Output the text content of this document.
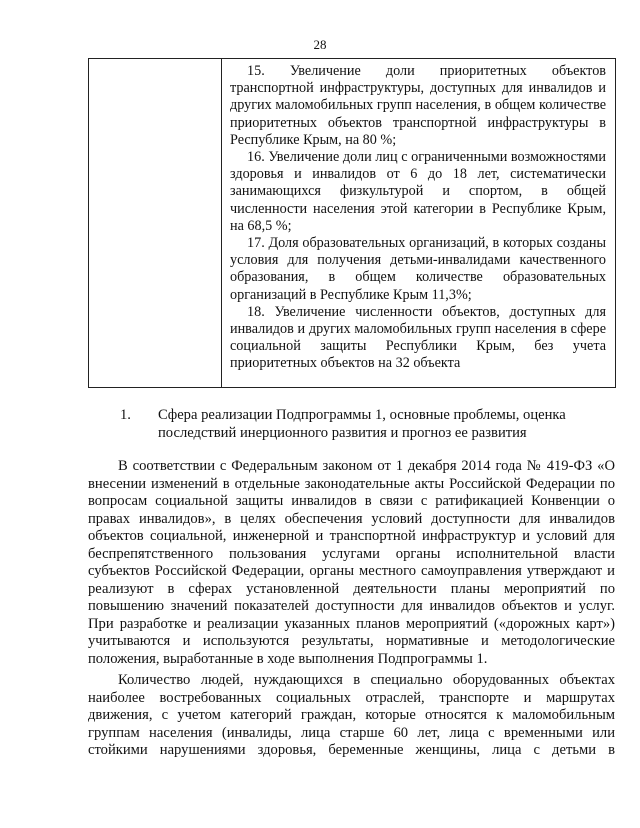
28

15. Увеличение доли приоритетных объектов транспортной инфраструктуры, доступных для инвалидов и других маломобильных групп населения, в общем количестве приоритетных объектов транспортной инфраструктуры в Республике Крым, на 80 %;

16. Увеличение доли лиц с ограниченными возможностями здоровья и инвалидов от 6 до 18 лет, систематически занимающихся физкультурой и спортом, в общей численности населения этой категории в Республике Крым, на 68,5 %;

17. Доля образовательных организаций, в которых созданы условия для получения детьми-инвалидами качественного образования, в общем количестве образовательных организаций в Республике Крым 11,3%;

18. Увеличение численности объектов, доступных для инвалидов и других маломобильных групп населения в сфере социальной защиты Республики Крым, без учета приоритетных объектов на 32 объекта

1. Сфера реализации Подпрограммы 1, основные проблемы, оценка последствий инерционного развития и прогноз ее развития

В соответствии с Федеральным законом от 1 декабря 2014 года № 419-ФЗ «О внесении изменений в отдельные законодательные акты Российской Федерации по вопросам социальной защиты инвалидов в связи с ратификацией Конвенции о правах инвалидов», в целях обеспечения условий доступности для инвалидов объектов социальной, инженерной и транспортной инфраструктур и условий для беспрепятственного пользования услугами органы исполнительной власти субъектов Российской Федерации, органы местного самоуправления утверждают и реализуют в сферах установленной деятельности планы мероприятий по повышению значений показателей доступности для инвалидов объектов и услуг. При разработке и реализации указанных планов мероприятий («дорожных карт») учитываются и используются результаты, нормативные и методологические положения, выработанные в ходе выполнения Подпрограммы 1.

Количество людей, нуждающихся в специально оборудованных объектах наиболее востребованных социальных отраслей, транспорте и маршрутах движения, с учетом категорий граждан, которые относятся к маломобильным группам населения (инвалиды, лица старше 60 лет, лица с временными или стойкими нарушениями здоровья, беременные женщины, лица с детьми в
